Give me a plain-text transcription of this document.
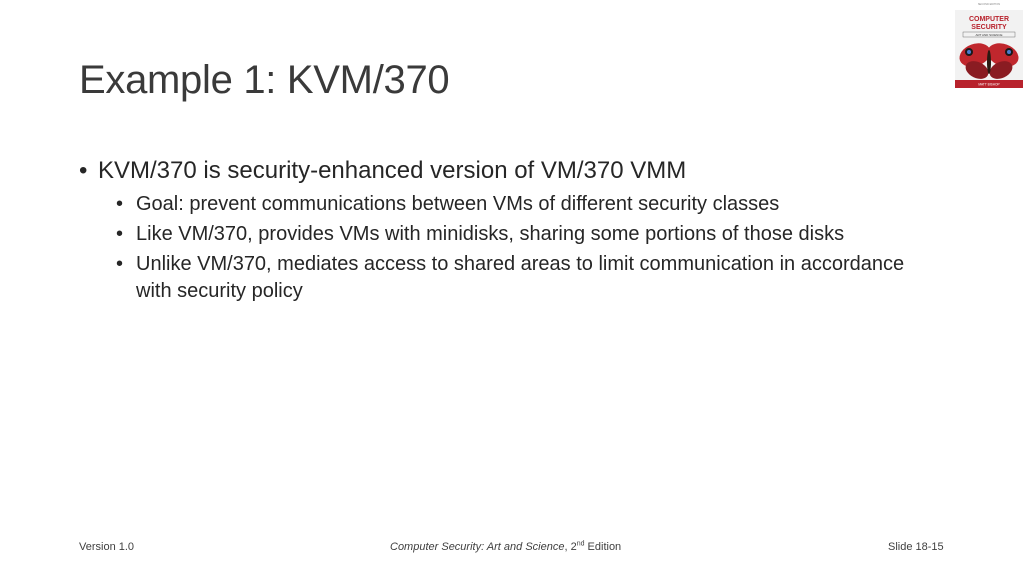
Example 1: KVM/370
SECOND EDITION
COMPUTER
SECURITY
ART AND SCIENCE
MATT BISHOP
• KVM/370 is security-enhanced version of VM/370 VMM
• Goal: prevent communications between VMs of different security classes
• Like VM/370, provides VMs with minidisks, sharing some portions of those disks
• Unlike VM/370, mediates access to shared areas to limit communication in accordance with security policy
Version 1.0	Computer Security: Art and Science, 2nd Edition	Slide 18-15
